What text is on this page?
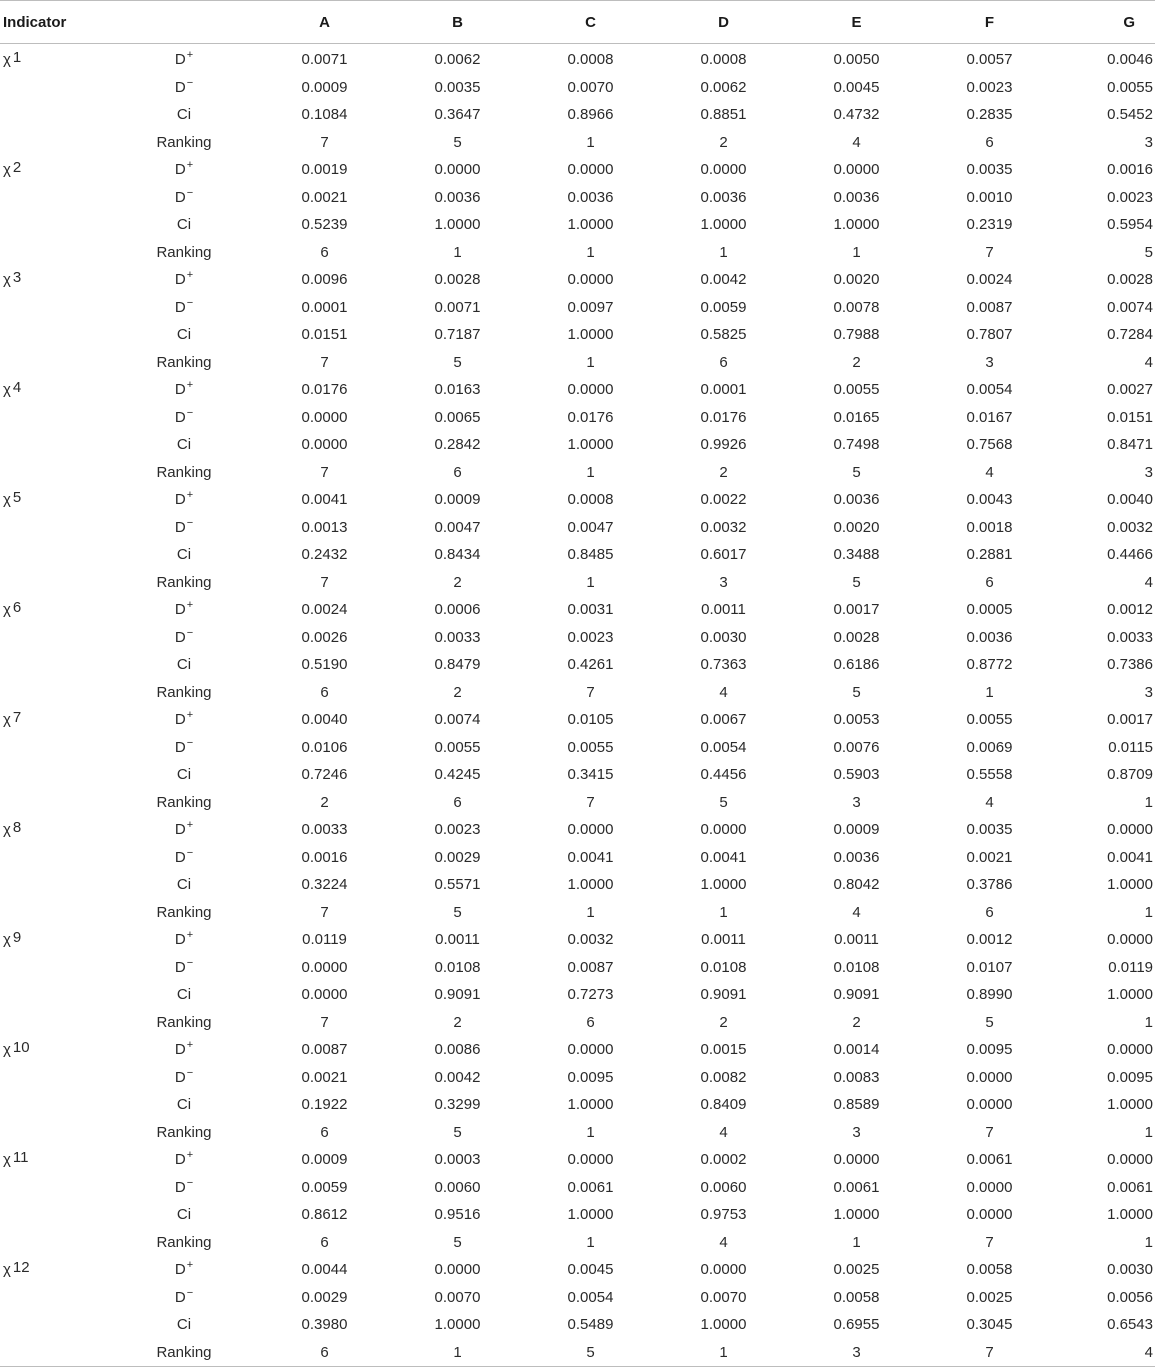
Indicator		A	B	C	D	E	F	G
χ 1	D+	0.0071	0.0062	0.0008	0.0008	0.0050	0.0057	0.0046
	D−	0.0009	0.0035	0.0070	0.0062	0.0045	0.0023	0.0055
	Ci	0.1084	0.3647	0.8966	0.8851	0.4732	0.2835	0.5452
	Ranking	7	5	1	2	4	6	3
χ 2	D+	0.0019	0.0000	0.0000	0.0000	0.0000	0.0035	0.0016
	D−	0.0021	0.0036	0.0036	0.0036	0.0036	0.0010	0.0023
	Ci	0.5239	1.0000	1.0000	1.0000	1.0000	0.2319	0.5954
	Ranking	6	1	1	1	1	7	5
χ 3	D+	0.0096	0.0028	0.0000	0.0042	0.0020	0.0024	0.0028
	D−	0.0001	0.0071	0.0097	0.0059	0.0078	0.0087	0.0074
	Ci	0.0151	0.7187	1.0000	0.5825	0.7988	0.7807	0.7284
	Ranking	7	5	1	6	2	3	4
χ 4	D+	0.0176	0.0163	0.0000	0.0001	0.0055	0.0054	0.0027
	D−	0.0000	0.0065	0.0176	0.0176	0.0165	0.0167	0.0151
	Ci	0.0000	0.2842	1.0000	0.9926	0.7498	0.7568	0.8471
	Ranking	7	6	1	2	5	4	3
χ 5	D+	0.0041	0.0009	0.0008	0.0022	0.0036	0.0043	0.0040
	D−	0.0013	0.0047	0.0047	0.0032	0.0020	0.0018	0.0032
	Ci	0.2432	0.8434	0.8485	0.6017	0.3488	0.2881	0.4466
	Ranking	7	2	1	3	5	6	4
χ 6	D+	0.0024	0.0006	0.0031	0.0011	0.0017	0.0005	0.0012
	D−	0.0026	0.0033	0.0023	0.0030	0.0028	0.0036	0.0033
	Ci	0.5190	0.8479	0.4261	0.7363	0.6186	0.8772	0.7386
	Ranking	6	2	7	4	5	1	3
χ 7	D+	0.0040	0.0074	0.0105	0.0067	0.0053	0.0055	0.0017
	D−	0.0106	0.0055	0.0055	0.0054	0.0076	0.0069	0.0115
	Ci	0.7246	0.4245	0.3415	0.4456	0.5903	0.5558	0.8709
	Ranking	2	6	7	5	3	4	1
χ 8	D+	0.0033	0.0023	0.0000	0.0000	0.0009	0.0035	0.0000
	D−	0.0016	0.0029	0.0041	0.0041	0.0036	0.0021	0.0041
	Ci	0.3224	0.5571	1.0000	1.0000	0.8042	0.3786	1.0000
	Ranking	7	5	1	1	4	6	1
χ 9	D+	0.0119	0.0011	0.0032	0.0011	0.0011	0.0012	0.0000
	D−	0.0000	0.0108	0.0087	0.0108	0.0108	0.0107	0.0119
	Ci	0.0000	0.9091	0.7273	0.9091	0.9091	0.8990	1.0000
	Ranking	7	2	6	2	2	5	1
χ 10	D+	0.0087	0.0086	0.0000	0.0015	0.0014	0.0095	0.0000
	D−	0.0021	0.0042	0.0095	0.0082	0.0083	0.0000	0.0095
	Ci	0.1922	0.3299	1.0000	0.8409	0.8589	0.0000	1.0000
	Ranking	6	5	1	4	3	7	1
χ 11	D+	0.0009	0.0003	0.0000	0.0002	0.0000	0.0061	0.0000
	D−	0.0059	0.0060	0.0061	0.0060	0.0061	0.0000	0.0061
	Ci	0.8612	0.9516	1.0000	0.9753	1.0000	0.0000	1.0000
	Ranking	6	5	1	4	1	7	1
χ 12	D+	0.0044	0.0000	0.0045	0.0000	0.0025	0.0058	0.0030
	D−	0.0029	0.0070	0.0054	0.0070	0.0058	0.0025	0.0056
	Ci	0.3980	1.0000	0.5489	1.0000	0.6955	0.3045	0.6543
	Ranking	6	1	5	1	3	7	4
